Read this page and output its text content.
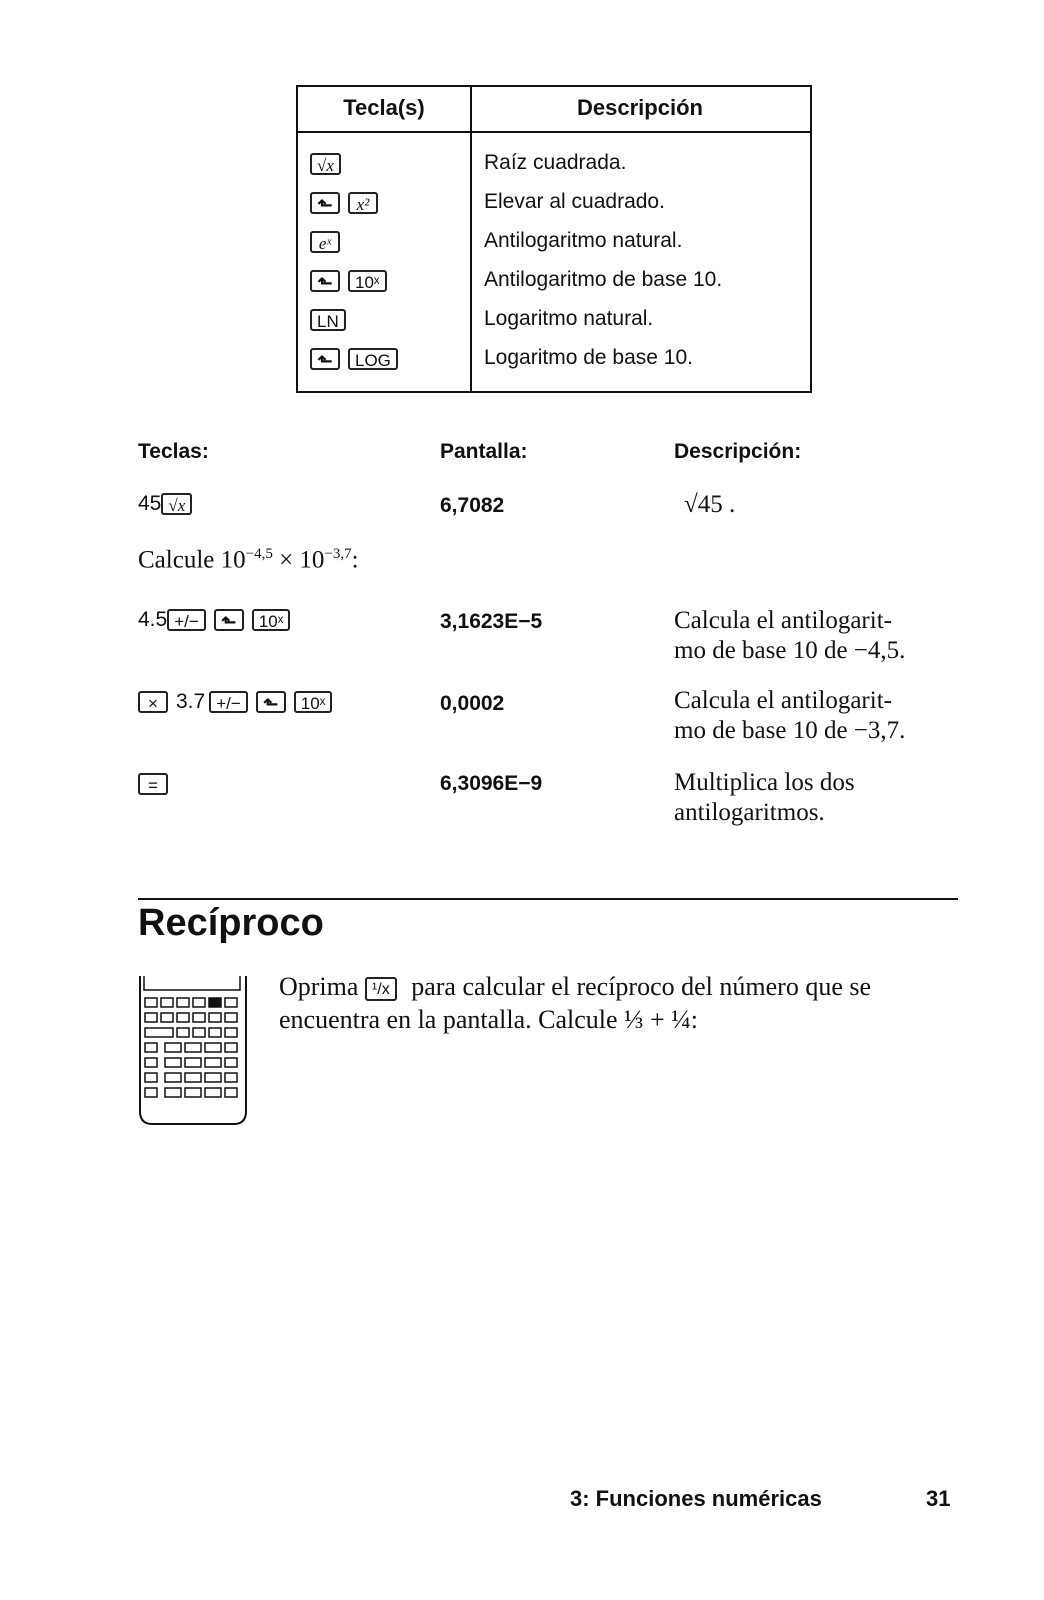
Tecla(s)	Descripción
√x	Raíz cuadrada.
⬑ x²	Elevar al cuadrado.
eˣ	Antilogaritmo natural.
⬑ 10ˣ	Antilogaritmo de base 10.
LN	Logaritmo natural.
⬑ LOG	Logaritmo de base 10.
Teclas:	Pantalla:	Descripción:
45 √x	6,7082	√45 .
Calcule $10^{-4,5} \times 10^{-3,7}$:
4.5 +/− ⬑ 10ˣ	3,1623E−5	Calcula el antilogarit-
mo de base 10 de −4,5.
× 3.7 +/− ⬑ 10ˣ	0,0002	Calcula el antilogarit-
mo de base 10 de −3,7.
=	6,3096E−9	Multiplica los dos
antilogaritmos.
Recíproco
Oprima ¹/x para calcular el recíproco del número que se encuentra en la pantalla. Calcule ⅓ + ¼:
3: Funciones numéricas	31
